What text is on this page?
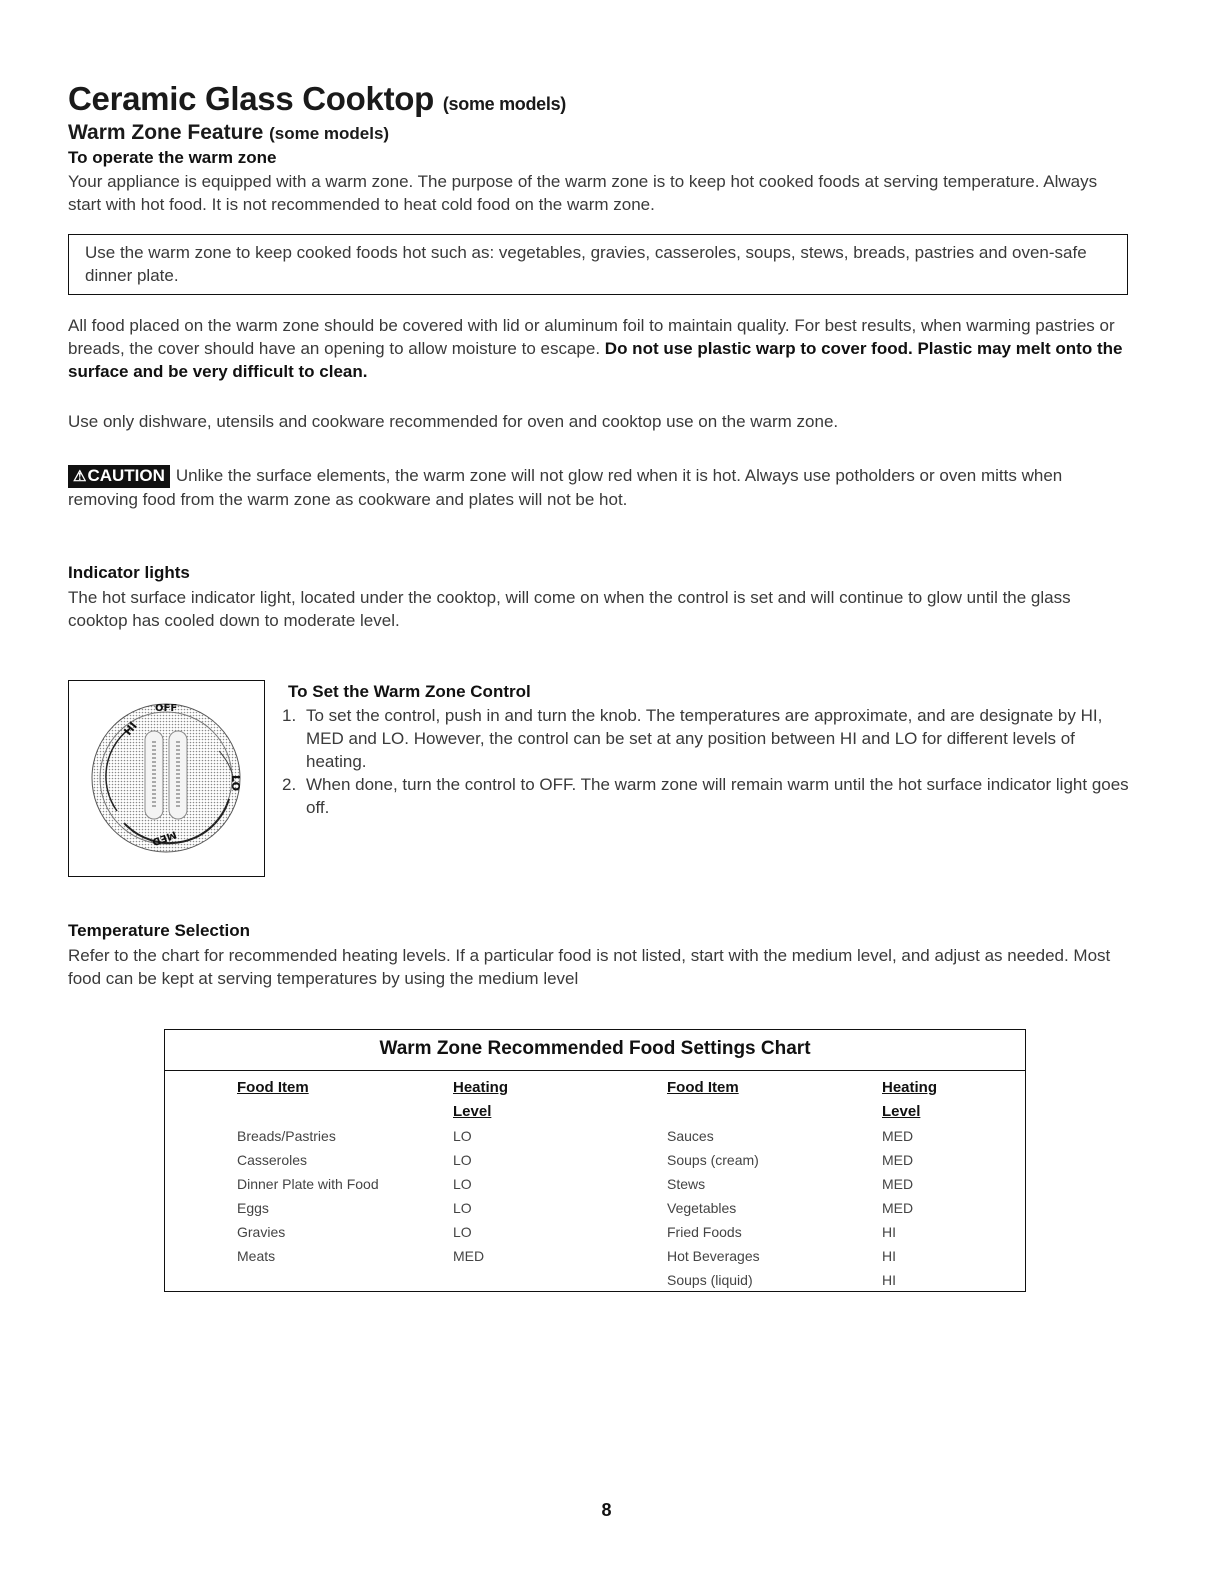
Ceramic Glass Cooktop (some models)
Warm Zone Feature (some models)
To operate the warm zone
Your appliance is equipped with a warm zone. The purpose of the warm zone is to keep hot cooked foods at serving temperature. Always start with hot food. It is not recommended to heat cold food on the warm zone.
Use the warm zone to keep cooked foods hot such as: vegetables, gravies, casseroles, soups, stews, breads, pastries and oven-safe dinner plate.
All food placed on the warm zone should be covered with lid or aluminum foil to maintain quality. For best results, when warming pastries or breads, the cover should have an opening to allow moisture to escape. Do not use plastic warp to cover food. Plastic may melt onto the surface and be very difficult to clean.
Use only dishware, utensils and cookware recommended for oven and cooktop use on the warm zone.
⚠CAUTION Unlike the surface elements, the warm zone will not glow red when it is hot. Always use potholders or oven mitts when removing food from the warm zone as cookware and plates will not be hot.
Indicator lights
The hot surface indicator light, located under the cooktop, will come on when the control is set and will continue to glow until the glass cooktop has cooled down to moderate level.
OFF
HI
LO
MED
To Set the Warm Zone Control
1. To set the control, push in and turn the knob. The temperatures are approximate, and are designate by HI, MED and LO. However, the control can be set at any position between HI and LO for different levels of heating.
2. When done, turn the control to OFF. The warm zone will remain warm until the hot surface indicator light goes off.
Temperature Selection
Refer to the chart for recommended heating levels. If a particular food is not listed, start with the medium level, and adjust as needed. Most food can be kept at serving temperatures by using the medium level
Warm Zone Recommended Food Settings Chart
Food Item

Breads/Pastries
Casseroles
Dinner Plate with Food
Eggs
Gravies
Meats
Heating
Level
LO
LO
LO
LO
LO
MED
Food Item

Sauces
Soups (cream)
Stews
Vegetables
Fried Foods
Hot Beverages
Soups (liquid)
Heating
Level
MED
MED
MED
MED
HI
HI
HI
8
